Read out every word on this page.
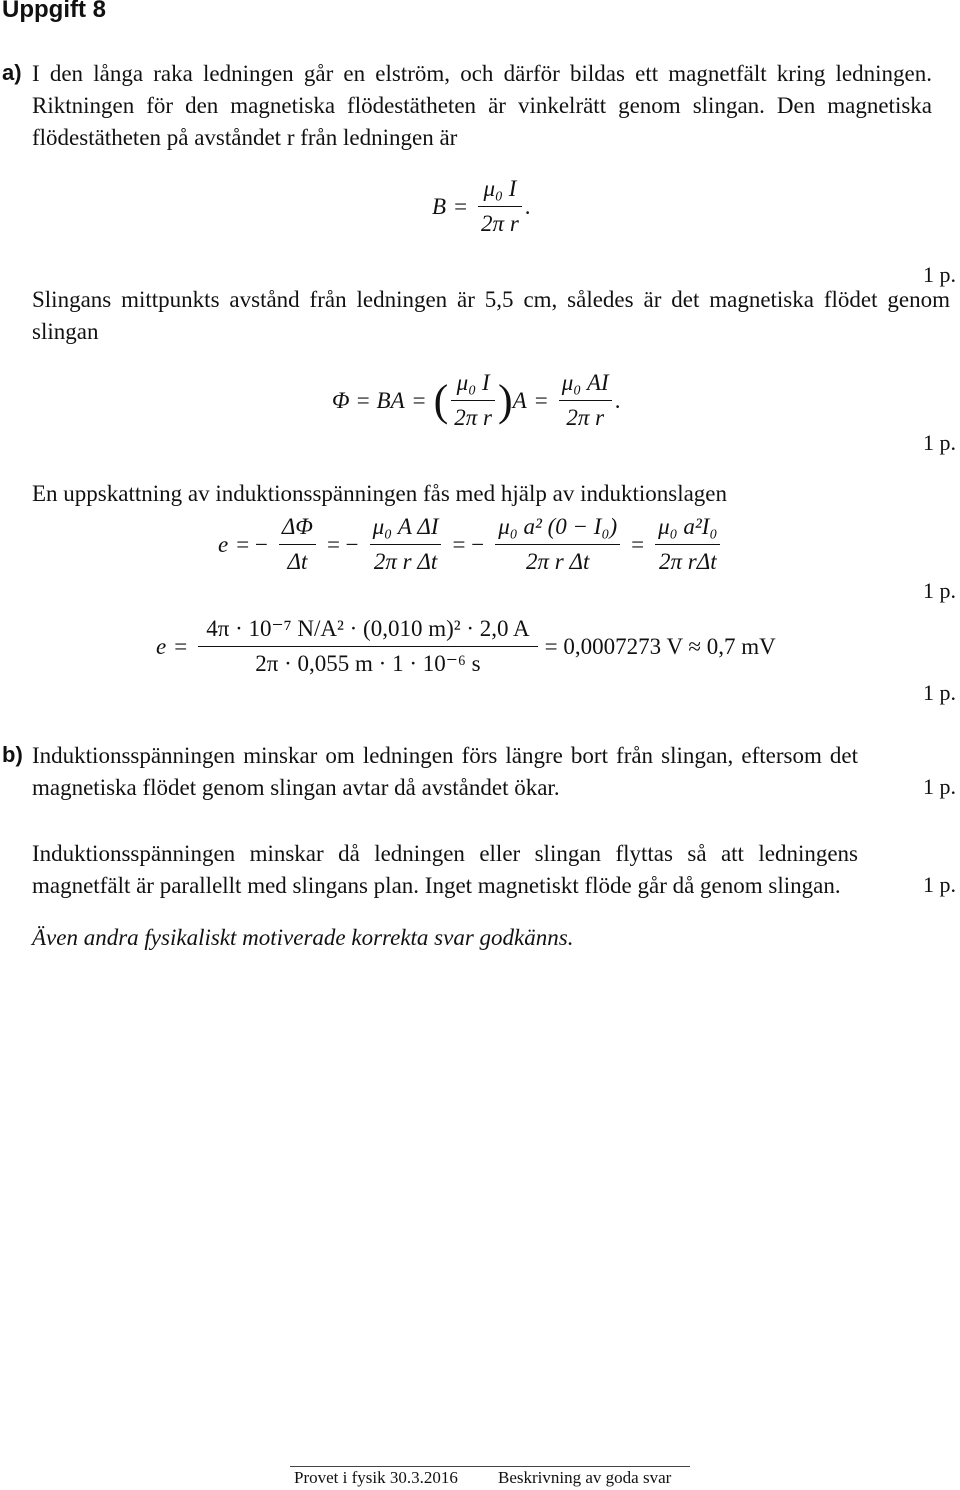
Uppgift 8
a) I den långa raka ledningen går en elström, och därför bildas ett magnetfält kring ledningen. Riktningen för den magnetiska flödestätheten är vinkelrätt genom slingan. Den magnetiska flödestätheten på avståndet r från ledningen är
$B = \frac{\text{μ₀ I}}{\text{2π r}}$ .
1 p.
Slingans mittpunkts avstånd från ledningen är 5,5 cm, således är det magnetiska flödet genom slingan
Φ = BA = ( $\frac{\text{μ₀ I}}{\text{2π r}}$ ) $A = \frac{\text{μ₀ AI}}{\text{2π r}}$ .
1 p.
En uppskattning av induktionsspänningen fås med hjälp av induktionslagen
e = − $\frac{\Delta\Phi}{\Delta t}$ = − $\frac{\text{μ₀ A ΔI}}{\text{2π r Δt}}$ = − $\frac{\text{μ₀ a² (0 − I₀)}}{\text{2π r Δt}} = \frac{\text{μ₀ a²I₀}}{\text{2π rΔt}}$
1 p.
$e = \frac{\text{4π · 10⁻⁷ N/A² · (0,010 m)² · 2,0 A}}{\text{2π · 0,055 m · 1 · 10⁻⁶ s}} = 0,0007273$ V ≈ 0,7 mV
1 p.
b) Induktionsspänningen minskar om ledningen förs längre bort från slingan, eftersom det magnetiska flödet genom slingan avtar då avståndet ökar.	1 p.
Induktionsspänningen minskar då ledningen eller slingan flyttas så att ledningens magnetfält är parallellt med slingans plan. Inget magnetiskt flöde går då genom slingan.	1 p.
Även andra fysikaliskt motiverade korrekta svar godkänns.
Provet i fysik 30.3.2016 Beskrivning av goda svar
